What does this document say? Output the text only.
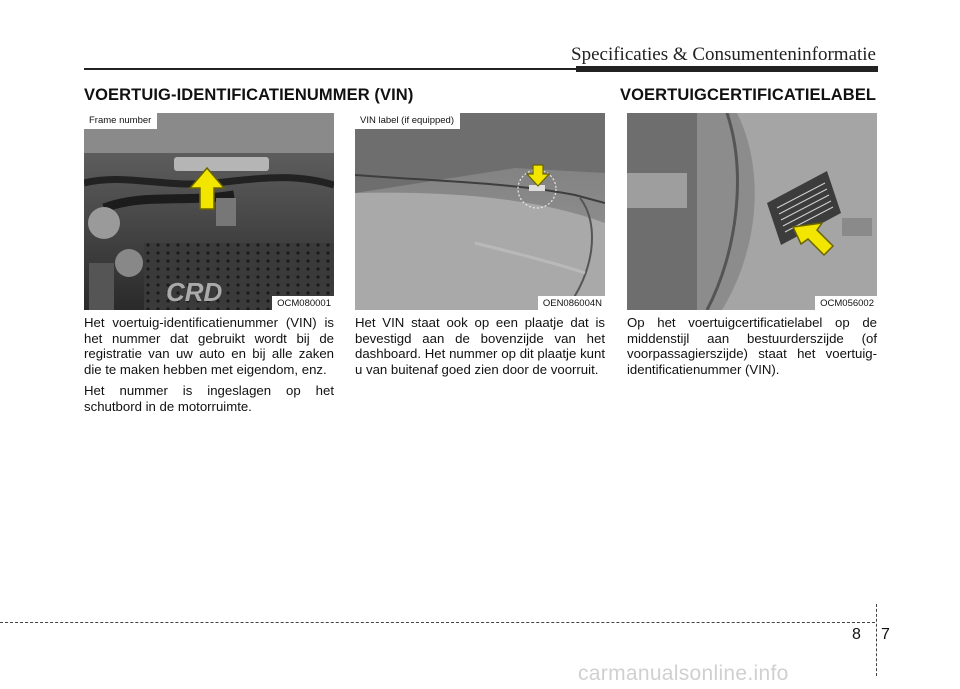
Specificaties & Consumenteninformatie
VOERTUIG-IDENTIFICATIENUMMER (VIN)	VOERTUIGCERTIFICATIELABEL
CRD
Frame number
OCM080001
VIN label (if equipped)
OEN086004N	OCM056002

Het voertuig-identificatienummer (VIN) is het nummer dat gebruikt wordt bij de registratie van uw auto en bij alle zaken die te maken hebben met eigendom, enz.

Het nummer is ingeslagen op het schutbord in de motorruimte.

Het VIN staat ook op een plaatje dat is bevestigd aan de bovenzijde van het dashboard. Het nummer op dit plaatje kunt u van buitenaf goed zien door de voorruit.

Op het voertuigcertificatielabel op de middenstijl aan bestuurderszijde (of voorpassagierszijde) staat het voertuig-identificatienummer (VIN).

8 7
carmanualsonline.info
